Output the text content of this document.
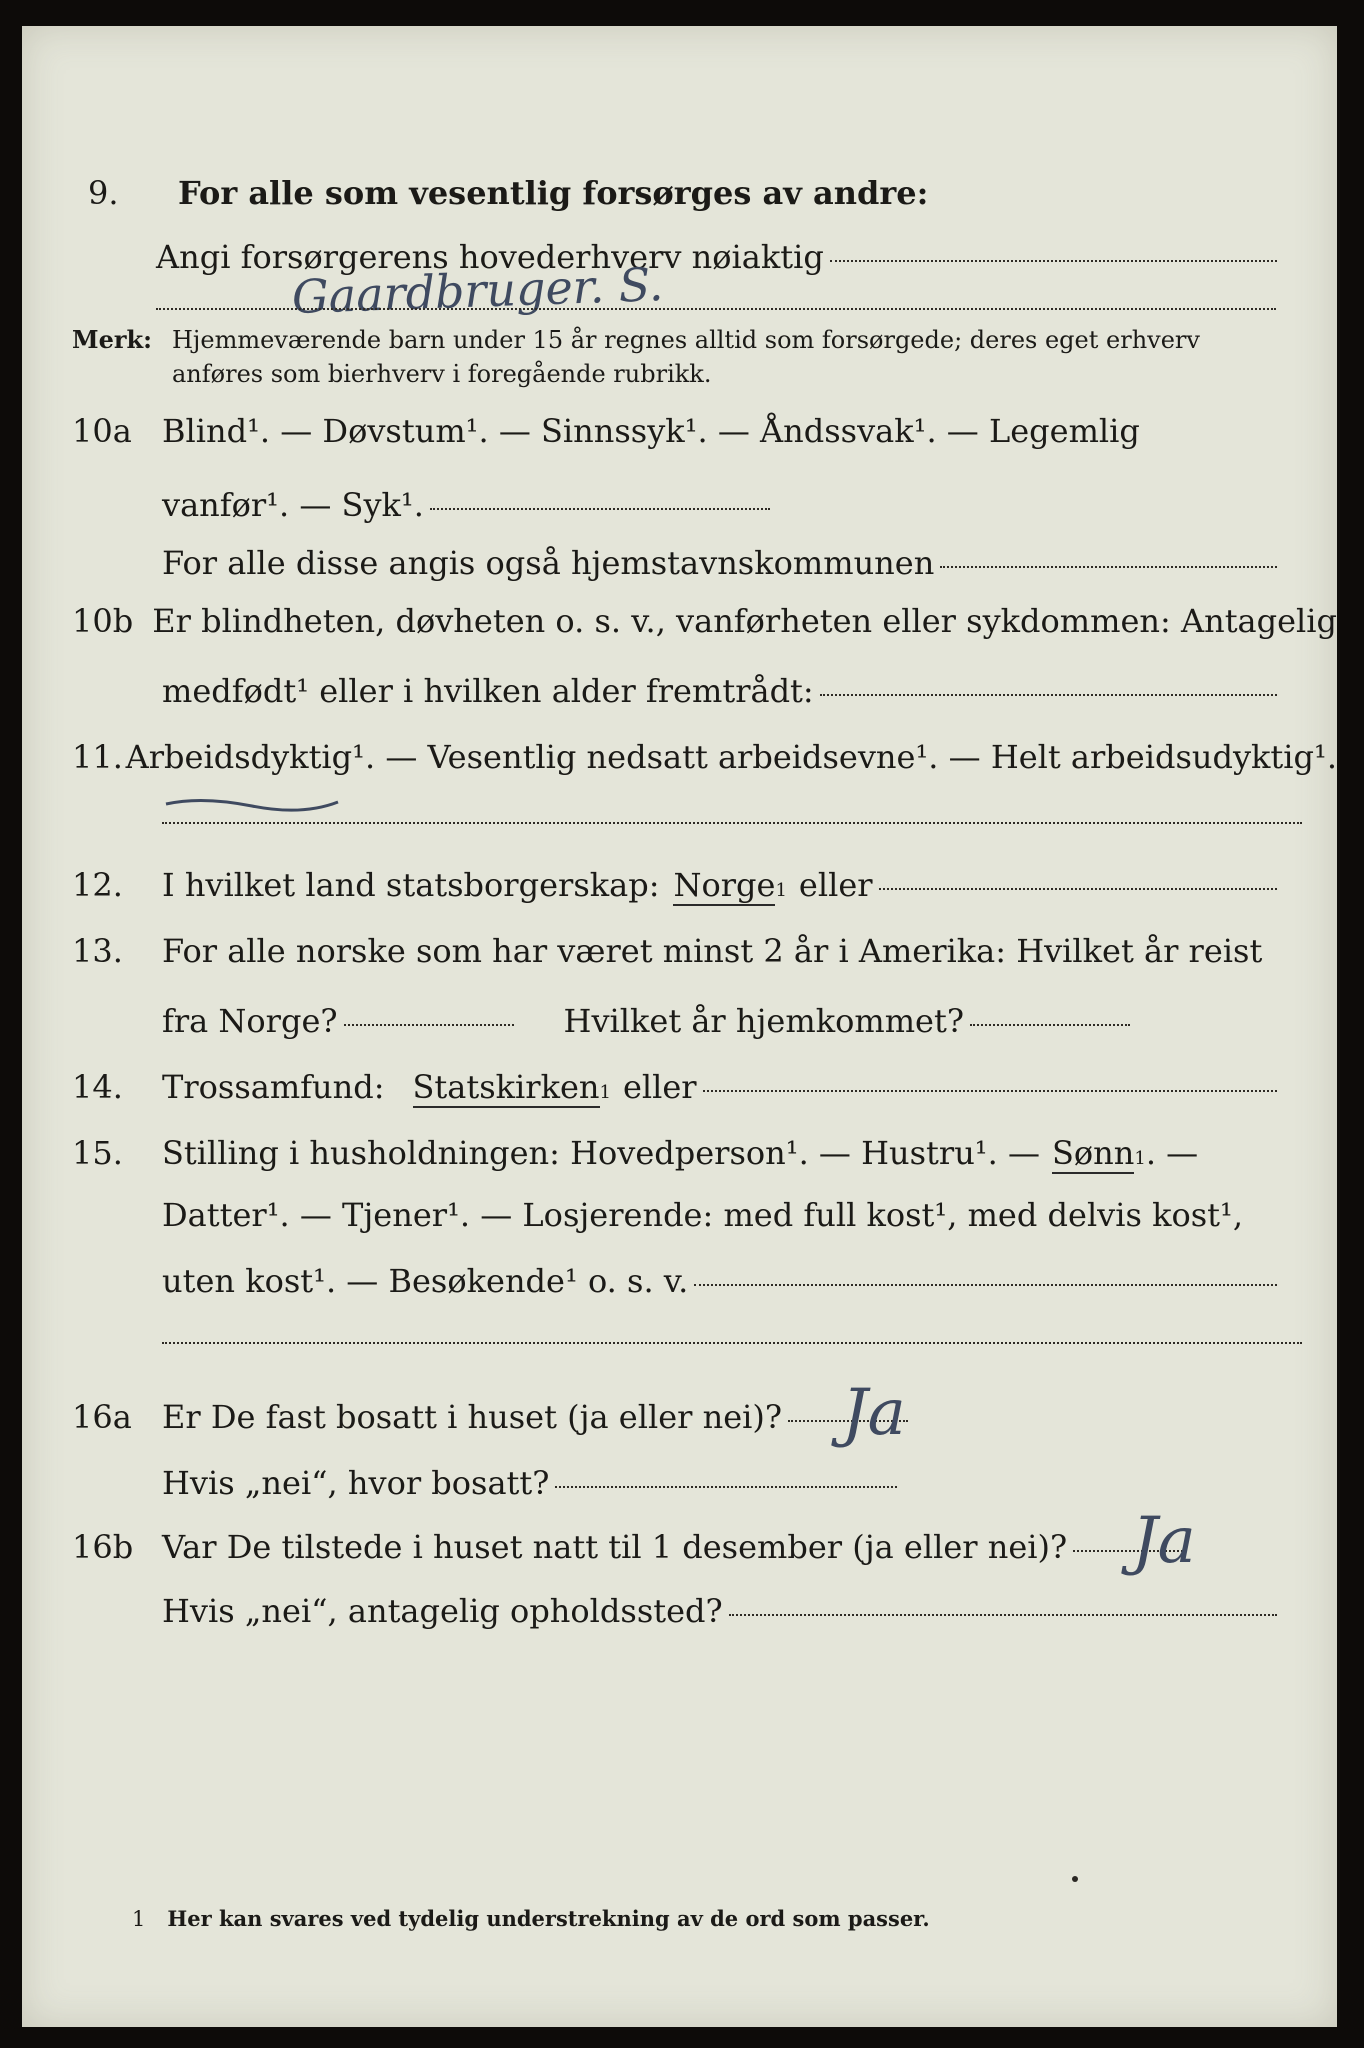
9.	For alle som vesentlig forsørges av andre:
Angi forsørgerens hovederhverv nøiaktig
Gaardbruger. S.
Merk: Hjemmeværende barn under 15 år regnes alltid som forsørgede; deres eget erhverv
anføres som bierhverv i foregående rubrikk.
10a Blind¹. — Døvstum¹. — Sinnssyk¹. — Åndssvak¹. — Legemlig
vanfør¹. — Syk¹.
For alle disse angis også hjemstavnskommunen
10b Er blindheten, døvheten o. s. v., vanførheten eller sykdommen: Antagelig
medfødt¹ eller i hvilken alder fremtrådt:
11. Arbeidsdyktig¹. — Vesentlig nedsatt arbeidsevne¹. — Helt arbeidsudyktig¹.
12.	I hvilket land statsborgerskap: Norge 1 eller
13.	For alle norske som har været minst 2 år i Amerika: Hvilket år reist
fra Norge?	Hvilket år hjemkommet?
14.	Trossamfund: Statskirken 1 eller
15.	Stilling i husholdningen: Hovedperson¹. — Hustru¹. — Sønn 1 . —
Datter¹. — Tjener¹. — Losjerende: med full kost¹, med delvis kost¹,
uten kost¹. — Besøkende¹ o. s. v.
16a Er De fast bosatt i huset (ja eller nei)? Ja
Hvis „nei“, hvor bosatt?
16b Var De tilstede i huset natt til 1 desember (ja eller nei)? Ja
Hvis „nei“, antagelig opholdssted?
1 Her kan svares ved tydelig understrekning av de ord som passer.
